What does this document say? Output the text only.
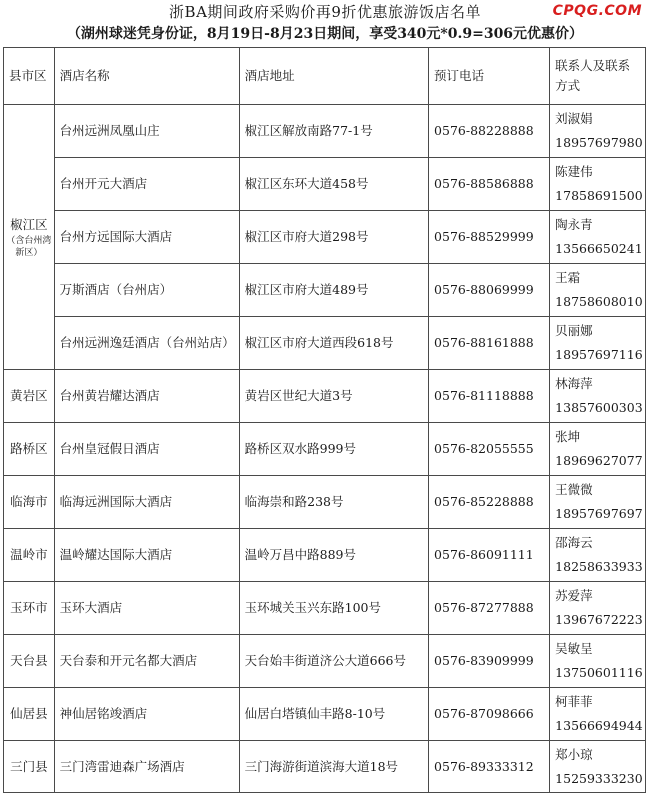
浙BA期间政府采购价再9折优惠旅游饭店名单	CPQG.COM
（湖州球迷凭身份证，8月19日-8月23日期间，享受340元*0.9=306元优惠价）
县市区	酒店名称	酒店地址	预订电话	联系人及联系方式
椒江区
（含台州湾新区）	台州远洲凤凰山庄	椒江区解放南路77-1号	0576-88228888	刘淑娟
18957697980

	台州开元大酒店	椒江区东环大道458号	0576-88586888	陈建伟
17858691500

	台州方远国际大酒店	椒江区市府大道298号	0576-88529999	陶永青
13566650241

	万斯酒店（台州店）	椒江区市府大道489号	0576-88069999	王霜
18758608010

	台州远洲逸廷酒店（台州站店）	椒江区市府大道西段618号	0576-88161888	贝丽娜
18957697116

黄岩区	台州黄岩耀达酒店	黄岩区世纪大道3号	0576-81118888	林海萍
13857600303

路桥区	台州皇冠假日酒店	路桥区双水路999号	0576-82055555	张坤
18969627077

临海市	临海远洲国际大酒店	临海崇和路238号	0576-85228888	王微微
18957697697

温岭市	温岭耀达国际大酒店	温岭万昌中路889号	0576-86091111	邵海云
18258633933

玉环市	玉环大酒店	玉环城关玉兴东路100号	0576-87277888	苏爱萍
13967672223

天台县	天台泰和开元名都大酒店	天台始丰街道济公大道666号	0576-83909999	吴敏呈
13750601116

仙居县	神仙居铭竣酒店	仙居白塔镇仙丰路8-10号	0576-87098666	柯菲菲
13566694944

三门县	三门湾雷迪森广场酒店	三门海游街道滨海大道18号	0576-89333312	郑小琼
15259333230
